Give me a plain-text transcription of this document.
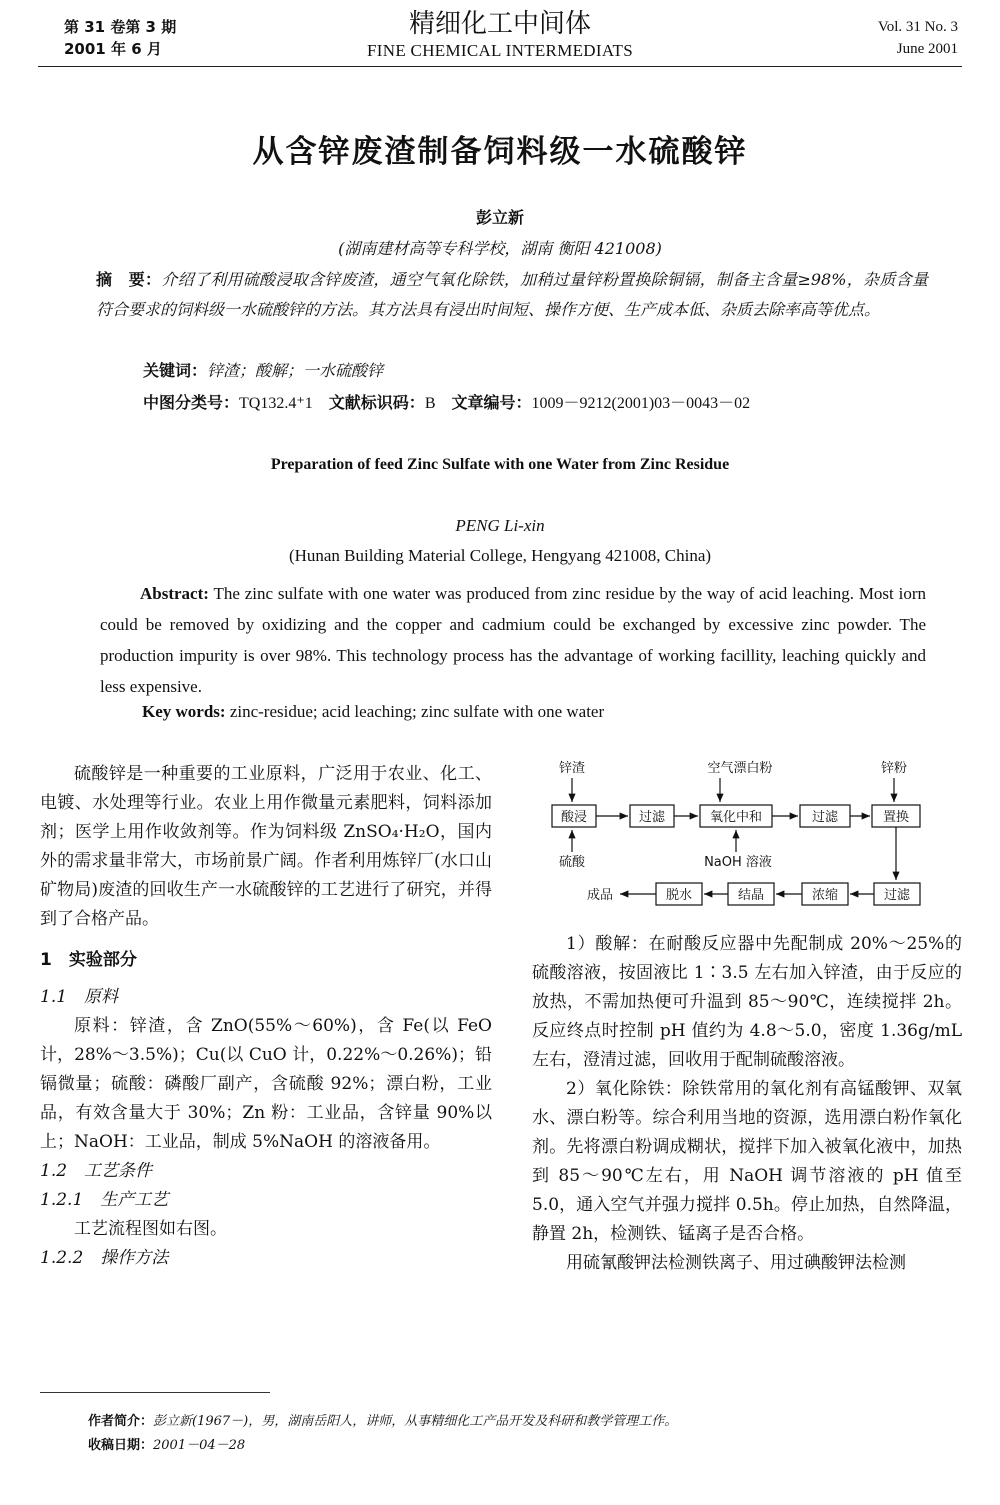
第 31 卷第 3 期
2001 年 6 月
精细化工中间体
FINE CHEMICAL INTERMEDIATS
Vol. 31 No. 3
June 2001
从含锌废渣制备饲料级一水硫酸锌
彭立新
(湖南建材高等专科学校，湖南 衡阳 421008)
摘　要：介绍了利用硫酸浸取含锌废渣，通空气氧化除铁，加稍过量锌粉置换除铜镉，制备主含量≥98%，杂质含量符合要求的饲料级一水硫酸锌的方法。其方法具有浸出时间短、操作方便、生产成本低、杂质去除率高等优点。
关键词：锌渣；酸解；一水硫酸锌
中图分类号：TQ132.4⁺1 文献标识码：B 文章编号：1009－9212(2001)03－0043－02
Preparation of feed Zinc Sulfate with one Water from Zinc Residue
PENG Li-xin
(Hunan Building Material College, Hengyang 421008, China)
Abstract: The zinc sulfate with one water was produced from zinc residue by the way of acid leaching. Most iorn could be removed by oxidizing and the copper and cadmium could be exchanged by excessive zinc powder. The production impurity is over 98%. This technology process has the advantage of working facillity, leaching quickly and less expensive.
Key words: zinc-residue; acid leaching; zinc sulfate with one water

硫酸锌是一种重要的工业原料，广泛用于农业、化工、电镀、水处理等行业。农业上用作微量元素肥料，饲料添加剂；医学上用作收敛剂等。作为饲料级 ZnSO₄·H₂O，国内外的需求量非常大，市场前景广阔。作者利用炼锌厂(水口山矿物局)废渣的回收生产一水硫酸锌的工艺进行了研究，并得到了合格产品。

1　实验部分

1.1　原料

原料：锌渣，含 ZnO(55%～60%)，含 Fe(以 FeO 计，28%～3.5%)；Cu(以 CuO 计，0.22%～0.26%)；铅镉微量；硫酸：磷酸厂副产，含硫酸 92%；漂白粉，工业品，有效含量大于 30%；Zn 粉：工业品，含锌量 90%以上；NaOH：工业品，制成 5%NaOH 的溶液备用。

1.2　工艺条件

1.2.1　生产工艺

工艺流程图如右图。

1.2.2　操作方法

锌渣	空气漂白粉	锌粉
酸浸	过滤	氧化中和	过滤	置换
硫酸	NaOH 溶液
过滤
浓缩
结晶
脱水
成品

1）酸解：在耐酸反应器中先配制成 20%～25%的硫酸溶液，按固液比 1∶3.5 左右加入锌渣，由于反应的放热，不需加热便可升温到 85～90℃，连续搅拌 2h。反应终点时控制 pH 值约为 4.8～5.0，密度 1.36g/mL 左右，澄清过滤，回收用于配制硫酸溶液。

2）氧化除铁：除铁常用的氧化剂有高锰酸钾、双氧水、漂白粉等。综合利用当地的资源，选用漂白粉作氧化剂。先将漂白粉调成糊状，搅拌下加入被氧化液中，加热到 85～90℃左右，用 NaOH 调节溶液的 pH 值至 5.0，通入空气并强力搅拌 0.5h。停止加热，自然降温，静置 2h，检测铁、锰离子是否合格。

用硫氰酸钾法检测铁离子、用过碘酸钾法检测

作者简介：彭立新(1967－)，男，湖南岳阳人，讲师，从事精细化工产品开发及科研和教学管理工作。
收稿日期：2001－04－28
